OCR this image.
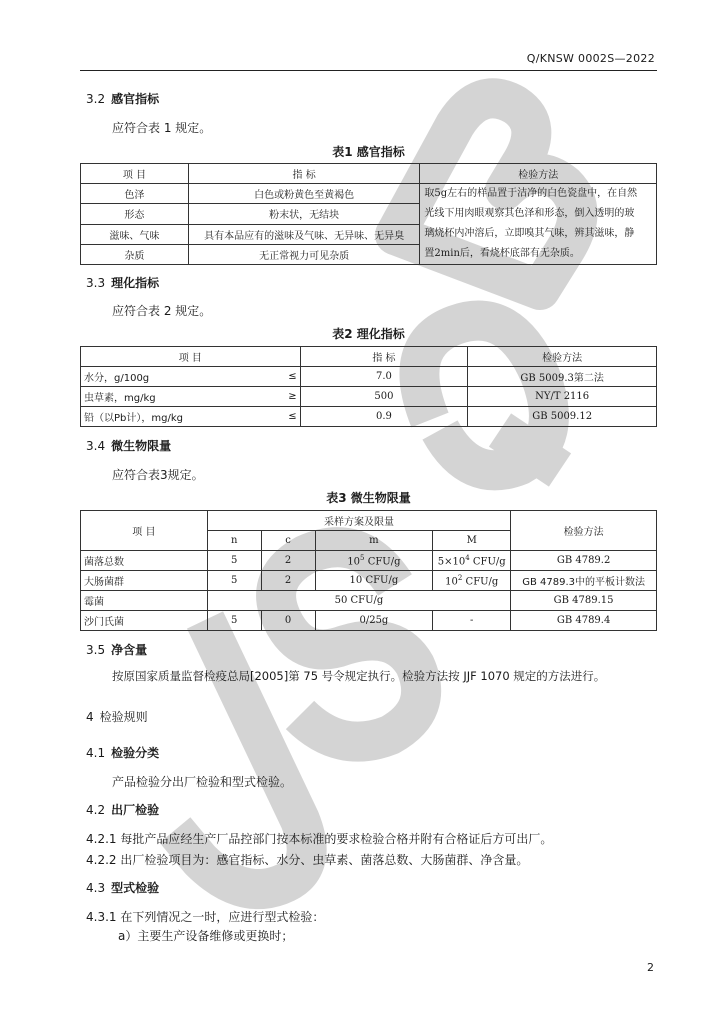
Q/KNSW 0002S—2022
3.2 感官指标
应符合表 1 规定。
表1 感官指标
项 目	指 标	检验方法
色泽	白色或粉黄色至黄褐色	取5g左右的样品置于洁净的白色瓷盘中，在自然
光线下用肉眼观察其色泽和形态，倒入透明的玻
璃烧杯内冲溶后，立即嗅其气味，辨其滋味，静
置2min后，看烧杯底部有无杂质。

形态	粉末状，无结块	
滋味、气味	具有本品应有的滋味及气味、无异味、无异臭	
杂质	无正常视力可见杂质	
3.3 理化指标
应符合表 2 规定。
表2 理化指标
项 目		指 标	检验方法
水分，g/100g	≤	7.0	GB 5009.3第二法
虫草素，mg/kg	≥	500	NY/T 2116
铅（以Pb计），mg/kg	≤	0.9	GB 5009.12
3.4 微生物限量
应符合表3规定。
表3 微生物限量
项 目	采样方案及限量				检验方法
	n	c	m	M	
菌落总数	5	2	$10^5$ CFU/g	$5\times 10^4$ CFU/g	GB 4789.2
大肠菌群	5	2	10 CFU/g	$10^2$ CFU/g	GB 4789.3中的平板计数法
霉菌	50 CFU/g				GB 4789.15
沙门氏菌	5	0	0/25g	-	GB 4789.4
3.5 净含量
按原国家质量监督检疫总局[2005]第 75 号令规定执行。检验方法按 JJF 1070 规定的方法进行。
4 检验规则
4.1 检验分类
产品检验分出厂检验和型式检验。
4.2 出厂检验
4.2.1 每批产品应经生产厂品控部门按本标准的要求检验合格并附有合格证后方可出厂。
4.2.2 出厂检验项目为：感官指标、水分、虫草素、菌落总数、大肠菌群、净含量。
4.3 型式检验
4.3.1 在下列情况之一时，应进行型式检验：
a）主要生产设备维修或更换时；
2
